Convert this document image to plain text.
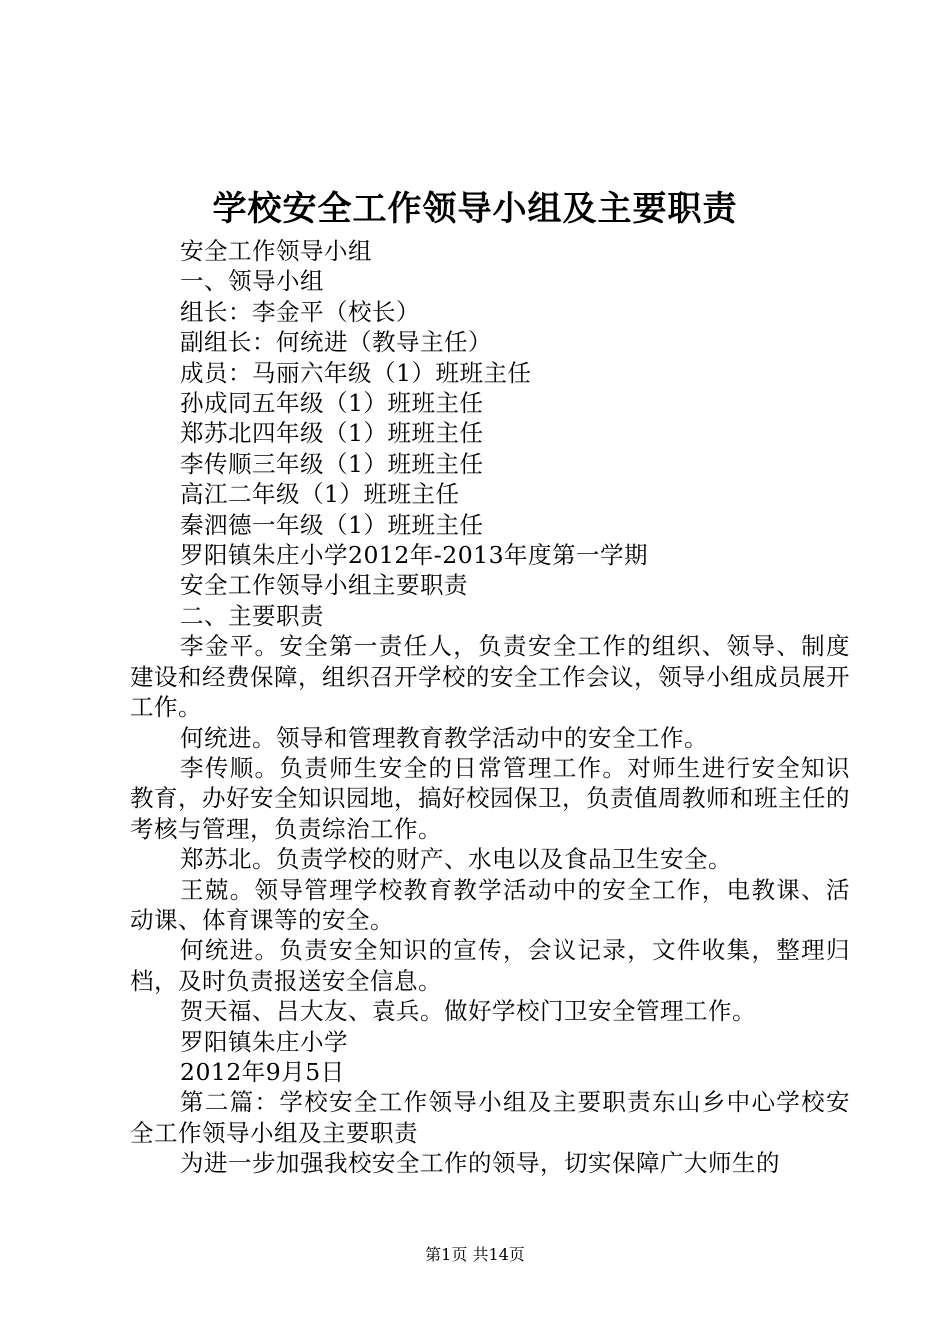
学校安全工作领导小组及主要职责

安全工作领导小组

一、领导小组

组长：李金平（校长）

副组长：何统进（教导主任）

成员：马丽六年级（1）班班主任

孙成同五年级（1）班班主任

郑苏北四年级（1）班班主任

李传顺三年级（1）班班主任

高江二年级（1）班班主任

秦泗德一年级（1）班班主任

罗阳镇朱庄小学2012年-2013年度第一学期

安全工作领导小组主要职责

二、主要职责

李金平。安全第一责任人，负责安全工作的组织、领导、制度建设和经费保障，组织召开学校的安全工作会议，领导小组成员展开工作。

何统进。领导和管理教育教学活动中的安全工作。

李传顺。负责师生安全的日常管理工作。对师生进行安全知识教育，办好安全知识园地，搞好校园保卫，负责值周教师和班主任的考核与管理，负责综治工作。

郑苏北。负责学校的财产、水电以及食品卫生安全。

王兢。领导管理学校教育教学活动中的安全工作，电教课、活动课、体育课等的安全。

何统进。负责安全知识的宣传，会议记录，文件收集，整理归档，及时负责报送安全信息。

贺天福、吕大友、袁兵。做好学校门卫安全管理工作。

罗阳镇朱庄小学

2012年9月5日

第二篇：学校安全工作领导小组及主要职责东山乡中心学校安全工作领导小组及主要职责

为进一步加强我校安全工作的领导，切实保障广大师生的

第1页 共14页
